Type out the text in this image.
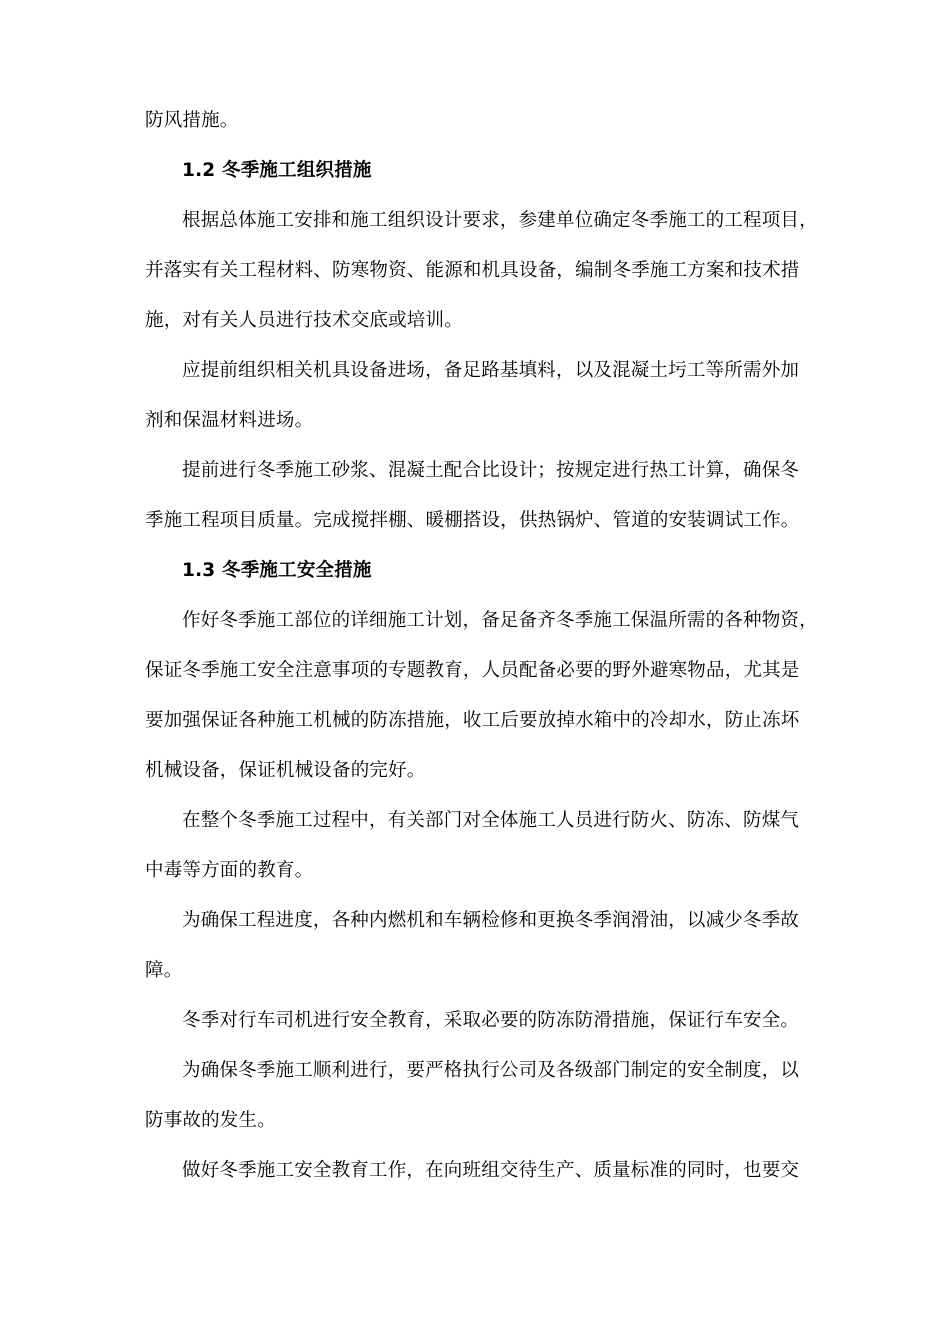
防风措施。
1.2 冬季施工组织措施
根据总体施工安排和施工组织设计要求，参建单位确定冬季施工的工程项目，
并落实有关工程材料、防寒物资、能源和机具设备，编制冬季施工方案和技术措
施，对有关人员进行技术交底或培训。
应提前组织相关机具设备进场，备足路基填料，以及混凝土圬工等所需外加
剂和保温材料进场。
提前进行冬季施工砂浆、混凝土配合比设计；按规定进行热工计算，确保冬
季施工程项目质量。完成搅拌棚、暖棚搭设，供热锅炉、管道的安装调试工作。
1.3 冬季施工安全措施
作好冬季施工部位的详细施工计划，备足备齐冬季施工保温所需的各种物资，
保证冬季施工安全注意事项的专题教育，人员配备必要的野外避寒物品，尤其是
要加强保证各种施工机械的防冻措施，收工后要放掉水箱中的冷却水，防止冻坏
机械设备，保证机械设备的完好。
在整个冬季施工过程中，有关部门对全体施工人员进行防火、防冻、防煤气
中毒等方面的教育。
为确保工程进度，各种内燃机和车辆检修和更换冬季润滑油，以减少冬季故
障。
冬季对行车司机进行安全教育，采取必要的防冻防滑措施，保证行车安全。
为确保冬季施工顺利进行，要严格执行公司及各级部门制定的安全制度，以
防事故的发生。
做好冬季施工安全教育工作，在向班组交待生产、质量标准的同时，也要交
